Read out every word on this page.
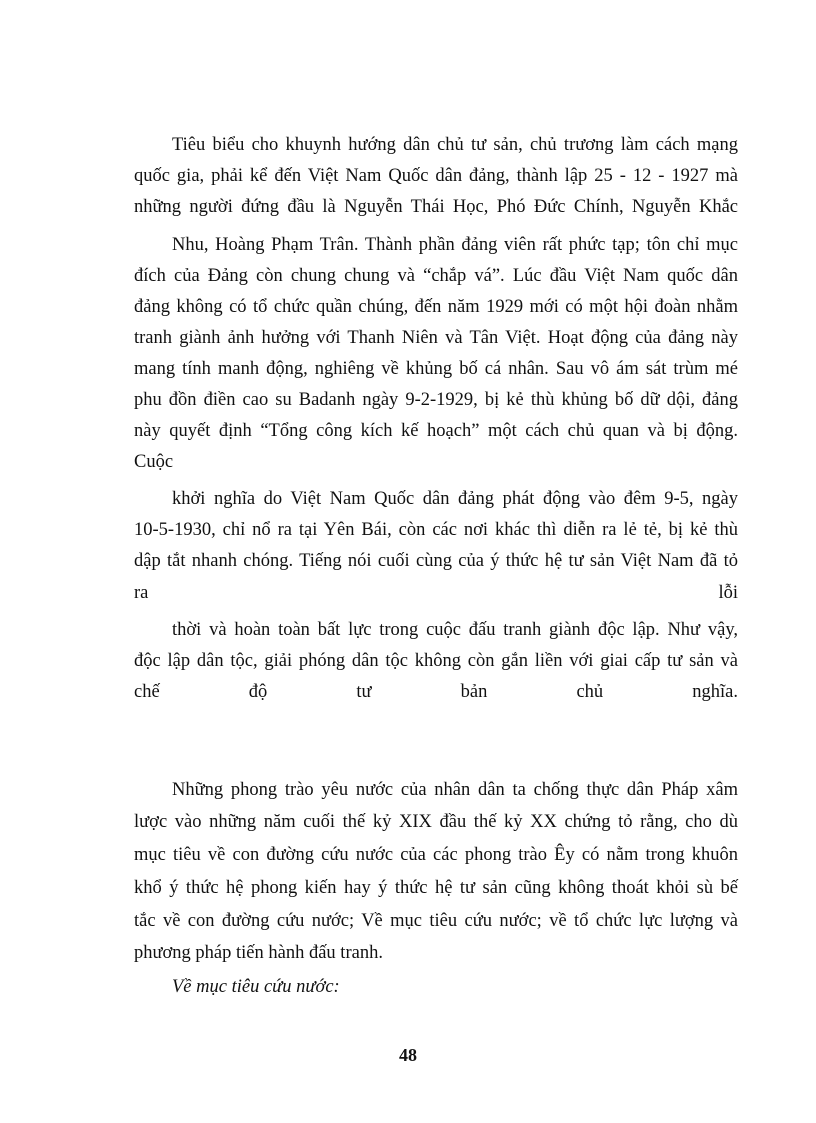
Tiêu biểu cho khuynh hướng dân chủ tư sản, chủ trương làm cách mạng
quốc gia, phải kể đến Việt Nam Quốc dân đảng, thành lập 25 - 12 - 1927 mà
những người đứng đầu là Nguyễn Thái Học, Phó Đức Chính, Nguyễn Khắc
Nhu, Hoàng Phạm Trân. Thành phần đảng viên rất phức tạp; tôn chỉ mục
đích của Đảng còn chung chung và “chắp vá”. Lúc đầu Việt Nam quốc dân
đảng không có tổ chức quần chúng, đến năm 1929 mới có một hội đoàn nhằm
tranh giành ảnh hưởng với Thanh Niên và Tân Việt. Hoạt động của đảng này
mang tính manh động, nghiêng về khủng bố cá nhân. Sau vô ám sát trùm mé
phu đồn điền cao su Badanh ngày 9-2-1929, bị kẻ thù khủng bố dữ dội, đảng
này quyết định “Tổng công kích kế hoạch” một cách chủ quan và bị động.
Cuộc
khởi nghĩa do Việt Nam Quốc dân đảng phát động vào đêm 9-5, ngày
10-5-1930, chỉ nổ ra tại Yên Bái, còn các nơi khác thì diễn ra lẻ tẻ, bị kẻ thù
dập tắt nhanh chóng. Tiếng nói cuối cùng của ý thức hệ tư sản Việt Nam đã tỏ
ra	lỗi
thời và hoàn toàn bất lực trong cuộc đấu tranh giành độc lập. Như vậy,
độc lập dân tộc, giải phóng dân tộc không còn gắn liền với giai cấp tư sản và
chế độ tư bản chủ nghĩa.
Những phong trào yêu nước của nhân dân ta chống thực dân Pháp xâm
lược vào những năm cuối thế kỷ XIX đầu thế kỷ XX chứng tỏ rằng, cho dù
mục tiêu về con đường cứu nước của các phong trào Êy có nằm trong khuôn
khổ ý thức hệ phong kiến hay ý thức hệ tư sản cũng không thoát khỏi sù bế
tắc về con đường cứu nước; Về mục tiêu cứu nước; về tổ chức lực lượng và
phương pháp tiến hành đấu tranh.
Về mục tiêu cứu nước:
48
